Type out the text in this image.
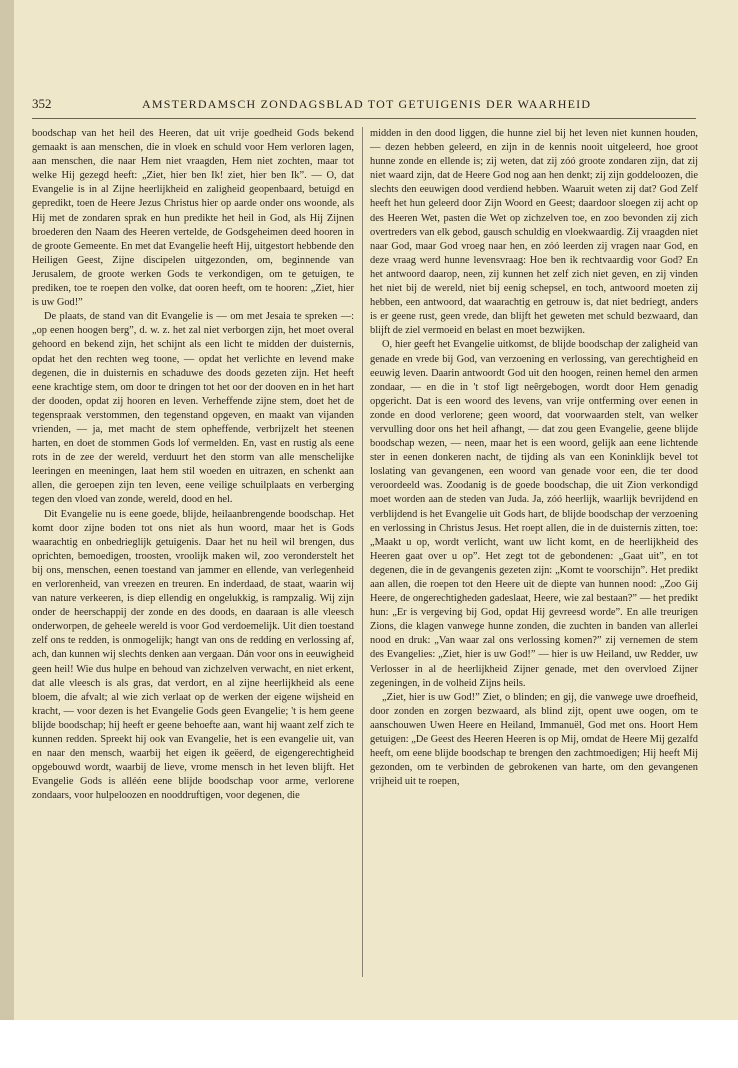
352	AMSTERDAMSCH ZONDAGSBLAD TOT GETUIGENIS DER WAARHEID

boodschap van het heil des Heeren, dat uit vrije goedheid Gods bekend gemaakt is aan menschen, die in vloek en schuld voor Hem verloren lagen, aan menschen, die naar Hem niet vraagden, Hem niet zochten, maar tot welke Hij gezegd heeft: „Ziet, hier ben Ik! ziet, hier ben Ik”. — O, dat Evangelie is in al Zijne heerlijkheid en zaligheid geopenbaard, betuigd en gepredikt, toen de Heere Jezus Christus hier op aarde onder ons woonde, als Hij met de zondaren sprak en hun predikte het heil in God, als Hij Zijnen broederen den Naam des Heeren vertelde, de Godsgeheimen deed hooren in de groote Gemeente. En met dat Evangelie heeft Hij, uitgestort hebbende den Heiligen Geest, Zijne discipelen uitgezonden, om, beginnende van Jerusalem, de groote werken Gods te verkondigen, om te getuigen, te prediken, toe te roepen den volke, dat ooren heeft, om te hooren: „Ziet, hier is uw God!”

De plaats, de stand van dit Evangelie is — om met Jesaia te spreken —: „op eenen hoogen berg”, d. w. z. het zal niet verborgen zijn, het moet overal gehoord en bekend zijn, het schijnt als een licht te midden der duisternis, opdat het den rechten weg toone, — opdat het verlichte en levend make degenen, die in duisternis en schaduwe des doods gezeten zijn. Het heeft eene krachtige stem, om door te dringen tot het oor der dooven en in het hart der dooden, opdat zij hooren en leven. Verheffende zijne stem, doet het de tegenspraak verstommen, den tegenstand opgeven, en maakt van vijanden vrienden, — ja, met macht de stem opheffende, verbrijzelt het steenen harten, en doet de stommen Gods lof vermelden. En, vast en rustig als eene rots in de zee der wereld, verduurt het den storm van alle menschelijke leeringen en meeningen, laat hem stil woeden en uitrazen, en schenkt aan allen, die geroepen zijn ten leven, eene veilige schuilplaats en verberging tegen den vloed van zonde, wereld, dood en hel.

Dit Evangelie nu is eene goede, blijde, heilaanbrengende boodschap. Het komt door zijne boden tot ons niet als hun woord, maar het is Gods waarachtig en onbedrieglijk getuigenis. Daar het nu heil wil brengen, dus oprichten, bemoedigen, troosten, vroolijk maken wil, zoo veronderstelt het bij ons, menschen, eenen toestand van jammer en ellende, van verlegenheid en verlorenheid, van vreezen en treuren. En inderdaad, de staat, waarin wij van nature verkeeren, is diep ellendig en ongelukkig, is rampzalig. Wij zijn onder de heerschappij der zonde en des doods, en daaraan is alle vleesch onderworpen, de geheele wereld is voor God verdoemelijk. Uit dien toestand zelf ons te redden, is onmogelijk; hangt van ons de redding en verlossing af, ach, dan kunnen wij slechts denken aan vergaan. Dán voor ons in eeuwigheid geen heil! Wie dus hulpe en behoud van zichzelven verwacht, en niet erkent, dat alle vleesch is als gras, dat verdort, en al zijne heerlijkheid als eene bloem, die afvalt; al wie zich verlaat op de werken der eigene wijsheid en kracht, — voor dezen is het Evangelie Gods geen Evangelie; 't is hem geene blijde boodschap; hij heeft er geene behoefte aan, want hij waant zelf zich te kunnen redden. Spreekt hij ook van Evangelie, het is een evangelie uit, van en naar den mensch, waarbij het eigen ik geëerd, de eigengerechtigheid opgebouwd wordt, waarbij de lieve, vrome mensch in het leven blijft. Het Evangelie Gods is alléén eene blijde boodschap voor arme, verlorene zondaars, voor hulpeloozen en nooddruftigen, voor degenen, die

midden in den dood liggen, die hunne ziel bij het leven niet kunnen houden, — dezen hebben geleerd, en zijn in de kennis nooit uitgeleerd, hoe groot hunne zonde en ellende is; zij weten, dat zij zóó groote zondaren zijn, dat zij niet waard zijn, dat de Heere God nog aan hen denkt; zij zijn goddeloozen, die slechts den eeuwigen dood verdiend hebben. Waaruit weten zij dat? God Zelf heeft het hun geleerd door Zijn Woord en Geest; daardoor sloegen zij acht op des Heeren Wet, pasten die Wet op zichzelven toe, en zoo bevonden zij zich overtreders van elk gebod, gausch schuldig en vloekwaardig. Zij vraagden niet naar God, maar God vroeg naar hen, en zóó leerden zij vragen naar God, en deze vraag werd hunne levensvraag: Hoe ben ik rechtvaardig voor God? En het antwoord daarop, neen, zij kunnen het zelf zich niet geven, en zij vinden het niet bij de wereld, niet bij eenig schepsel, en toch, antwoord moeten zij hebben, een antwoord, dat waarachtig en getrouw is, dat niet bedriegt, anders is er geene rust, geen vrede, dan blijft het geweten met schuld bezwaard, dan blijft de ziel vermoeid en belast en moet bezwijken.

O, hier geeft het Evangelie uitkomst, de blijde boodschap der zaligheid van genade en vrede bij God, van verzoening en verlossing, van gerechtigheid en eeuwig leven. Daarin antwoordt God uit den hoogen, reinen hemel den armen zondaar, — en die in 't stof ligt neêrgebogen, wordt door Hem genadig opgericht. Dat is een woord des levens, van vrije ontferming over eenen in zonde en dood verlorene; geen woord, dat voorwaarden stelt, van welker vervulling door ons het heil afhangt, — dat zou geen Evangelie, geene blijde boodschap wezen, — neen, maar het is een woord, gelijk aan eene lichtende ster in eenen donkeren nacht, de tijding als van een Koninklijk bevel tot loslating van gevangenen, een woord van genade voor een, die ter dood veroordeeld was. Zoodanig is de goede boodschap, die uit Zion verkondigd moet worden aan de steden van Juda. Ja, zóó heerlijk, waarlijk bevrijdend en verblijdend is het Evangelie uit Gods hart, de blijde boodschap der verzoening en verlossing in Christus Jesus. Het roept allen, die in de duisternis zitten, toe: „Maakt u op, wordt verlicht, want uw licht komt, en de heerlijkheid des Heeren gaat over u op”. Het zegt tot de gebondenen: „Gaat uit”, en tot degenen, die in de gevangenis gezeten zijn: „Komt te voorschijn”. Het predikt aan allen, die roepen tot den Heere uit de diepte van hunnen nood: „Zoo Gij Heere, de ongerechtigheden gadeslaat, Heere, wie zal bestaan?” — het predikt hun: „Er is vergeving bij God, opdat Hij gevreesd worde”. En alle treurigen Zions, die klagen vanwege hunne zonden, die zuchten in banden van allerlei nood en druk: „Van waar zal ons verlossing komen?” zij vernemen de stem des Evangelies: „Ziet, hier is uw God!” — hier is uw Heiland, uw Redder, uw Verlosser in al de heerlijkheid Zijner genade, met den overvloed Zijner zegeningen, in de volheid Zijns heils.

„Ziet, hier is uw God!” Ziet, o blinden; en gij, die vanwege uwe droefheid, door zonden en zorgen bezwaard, als blind zijt, opent uwe oogen, om te aanschouwen Uwen Heere en Heiland, Immanuël, God met ons. Hoort Hem getuigen: „De Geest des Heeren Heeren is op Mij, omdat de Heere Mij gezalfd heeft, om eene blijde boodschap te brengen den zachtmoedigen; Hij heeft Mij gezonden, om te verbinden de gebrokenen van harte, om den gevangenen vrijheid uit te roepen,
